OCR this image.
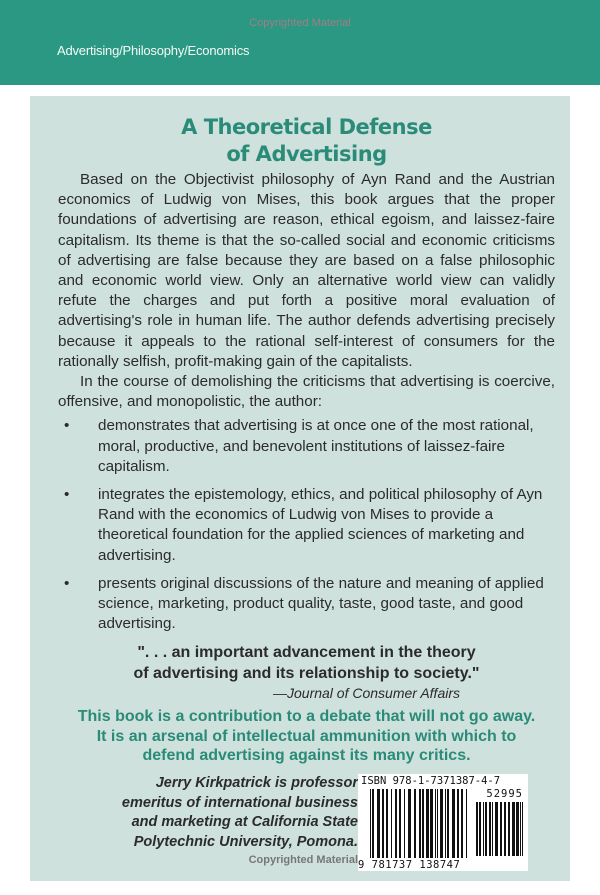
Copyrighted Material
Advertising/Philosophy/Economics
A Theoretical Defense
of Advertising

Based on the Objectivist philosophy of Ayn Rand and the Austrian economics of Ludwig von Mises, this book argues that the proper foundations of advertising are reason, ethical egoism, and laissez-faire capitalism. Its theme is that the so-called social and economic criticisms of advertising are false because they are based on a false philosophic and economic world view. Only an alternative world view can validly refute the charges and put forth a positive moral evaluation of advertising's role in human life. The author defends advertising precisely because it appeals to the rational self-interest of consumers for the rationally selfish, profit-making gain of the capitalists.

In the course of demolishing the criticisms that advertising is coercive, offensive, and monopolistic, the author:

• demonstrates that advertising is at once one of the most rational, moral, productive, and benevolent institutions of laissez-faire capitalism.
• integrates the epistemology, ethics, and political philosophy of Ayn Rand with the economics of Ludwig von Mises to provide a theoretical foundation for the applied sciences of marketing and advertising.
• presents original discussions of the nature and meaning of applied science, marketing, product quality, taste, good taste, and good advertising.
". . . an important advancement in the theory
of advertising and its relationship to society."
—Journal of Consumer Affairs
This book is a contribution to a debate that will not go away.
It is an arsenal of intellectual ammunition with which to
defend advertising against its many critics.
Jerry Kirkpatrick is professor
emeritus of international business
and marketing at California State
Polytechnic University, Pomona.
Copyrighted Material
ISBN 978-1-7371387-4-7
52995
9 781737 138747
